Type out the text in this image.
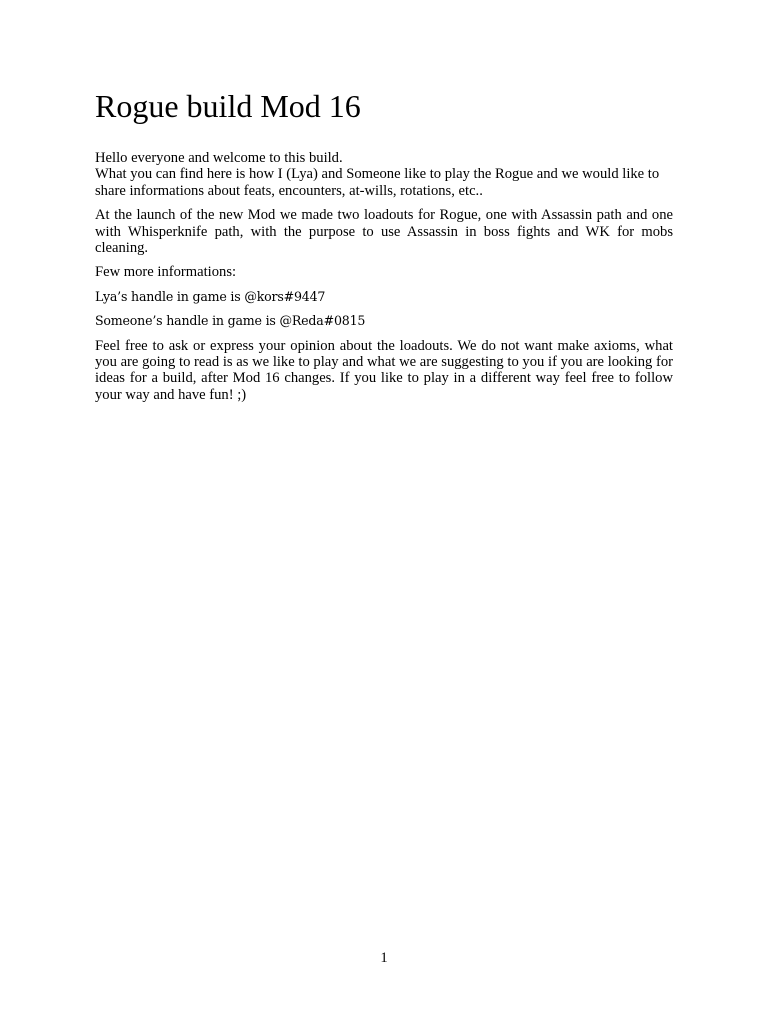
Rogue build Mod 16

Hello everyone and welcome to this build.
What you can find here is how I (Lya) and Someone like to play the Rogue and we would like to share informations about feats, encounters, at-wills, rotations, etc..

At the launch of the new Mod we made two loadouts for Rogue, one with Assassin path and one with Whisperknife path, with the purpose to use Assassin in boss fights and WK for mobs cleaning.

Few more informations:

Lya’s handle in game is @kors#9447

Someone’s handle in game is @Reda#0815

Feel free to ask or express your opinion about the loadouts. We do not want make axioms, what you are going to read is as we like to play and what we are suggesting to you if you are looking for ideas for a build, after Mod 16 changes. If you like to play in a different way feel free to follow your way and have fun! ;)

1
